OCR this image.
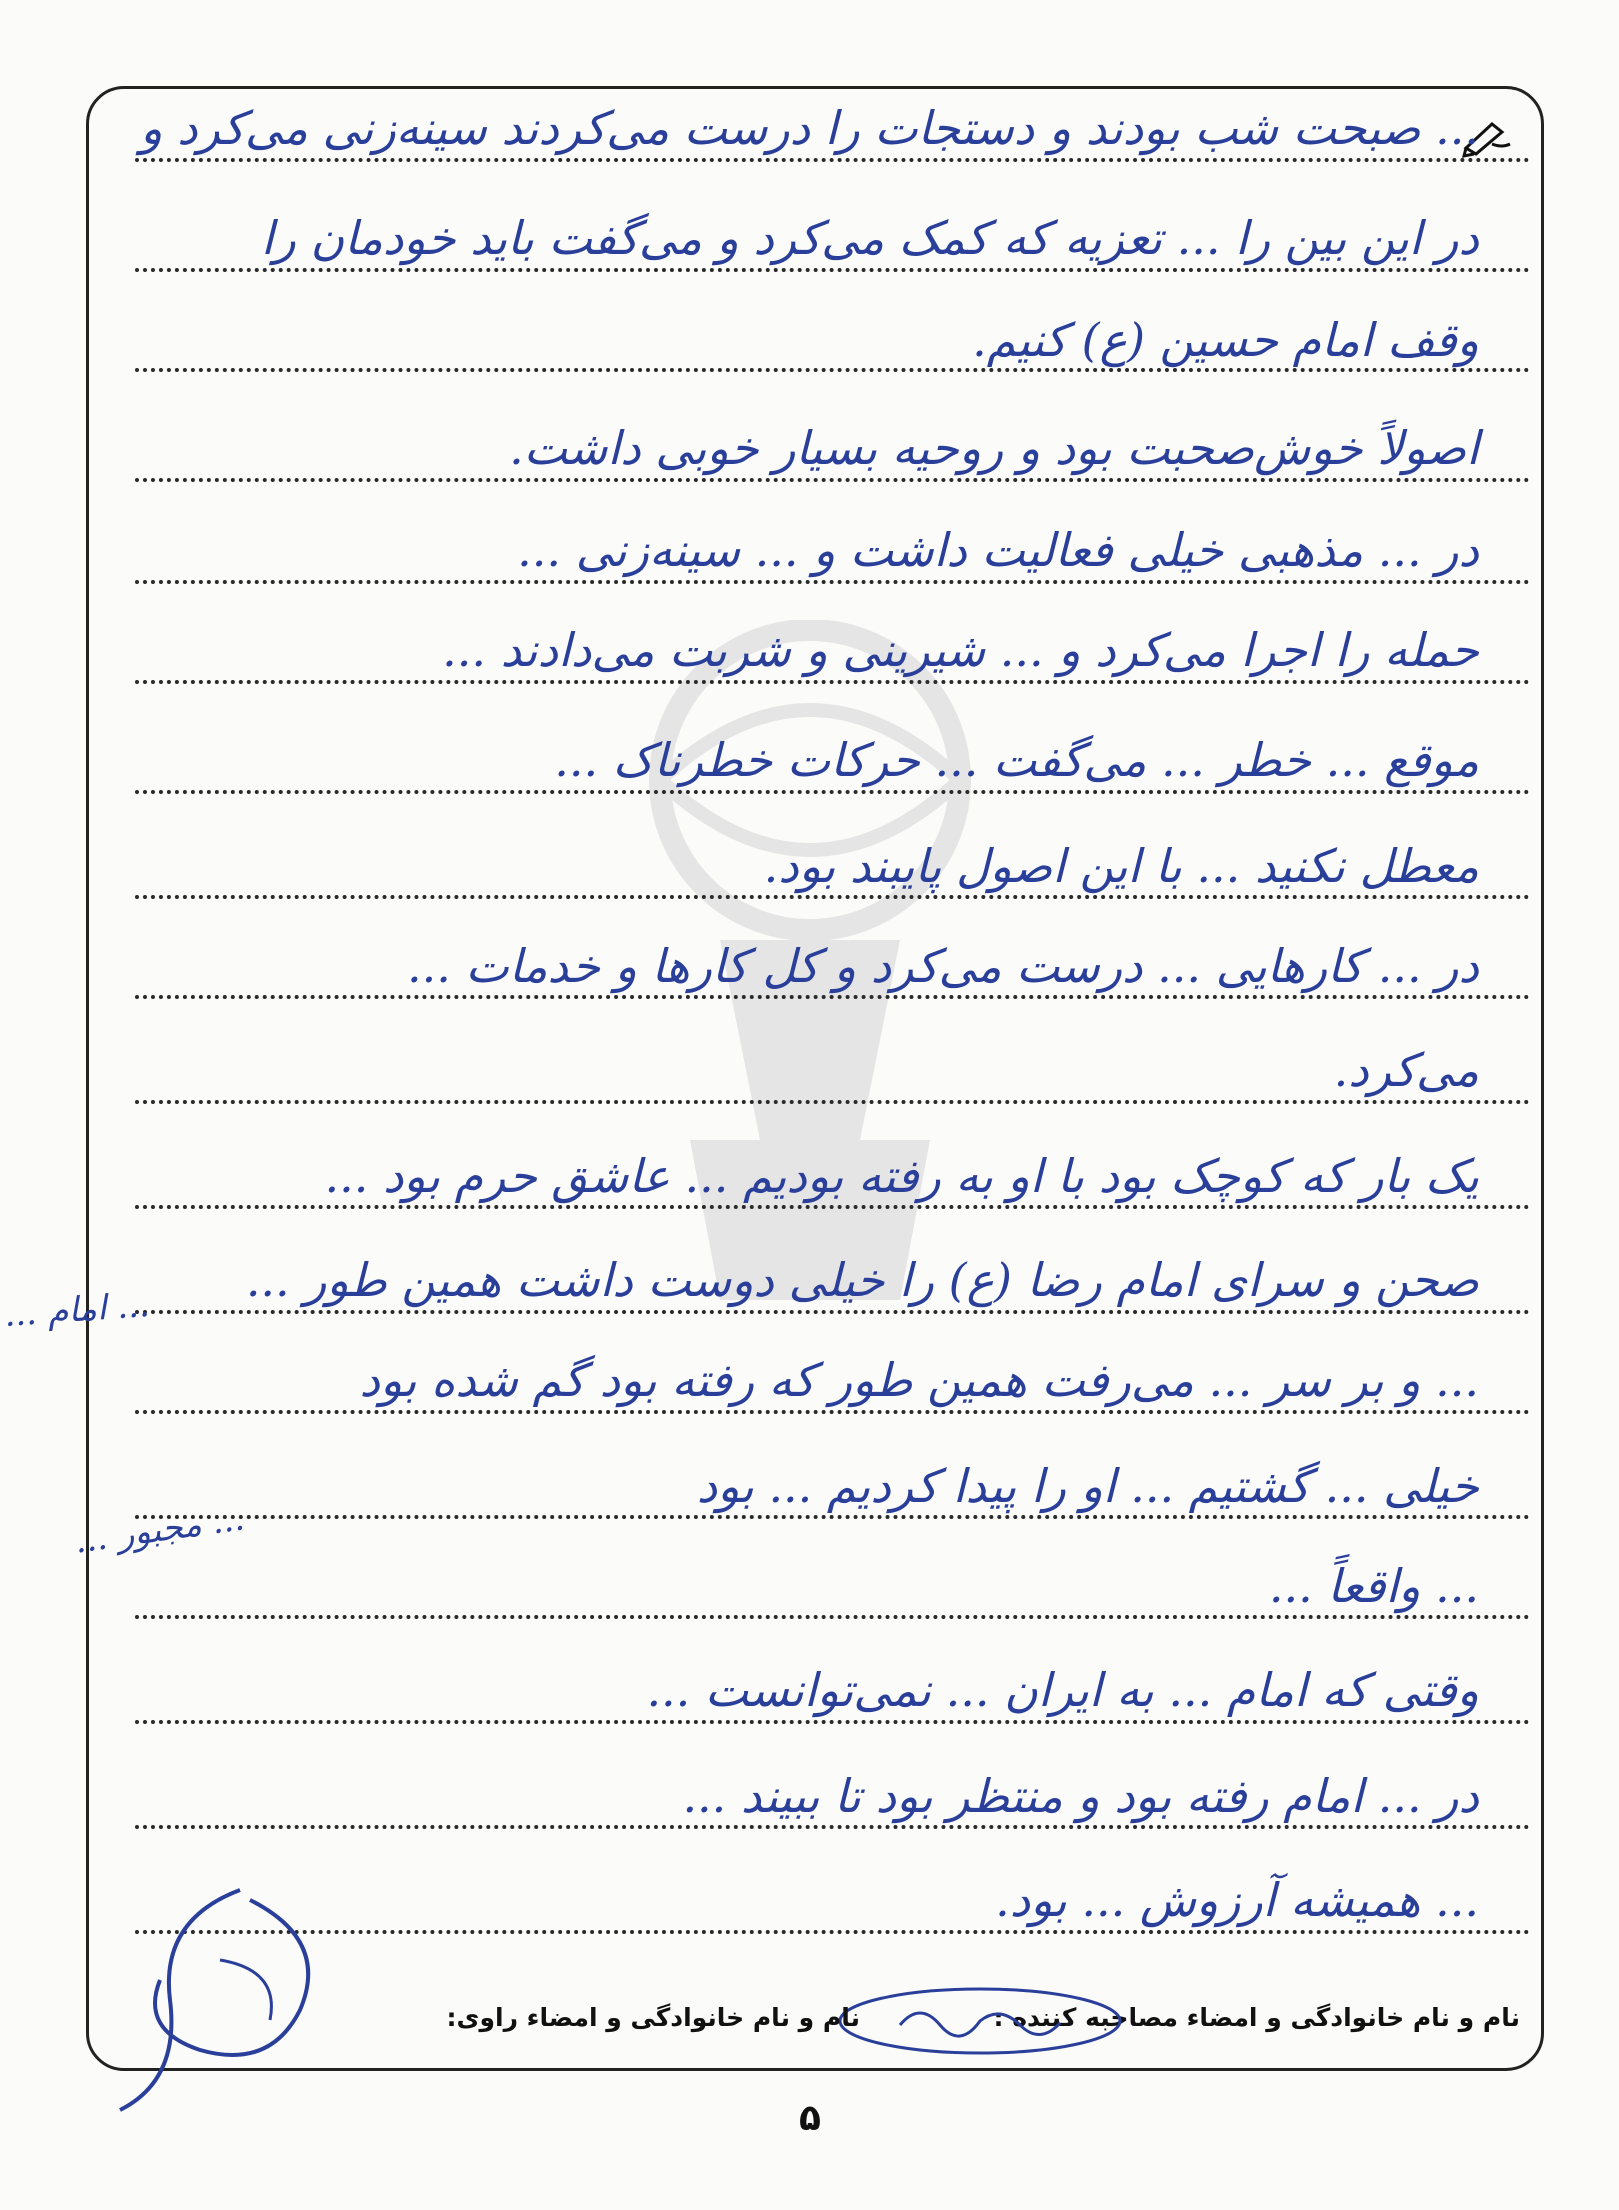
... صبحت شب بودند و دستجات را درست می‌کردند سینه‌زنی می‌کرد و
در این بین را ... تعزیه که کمک می‌کرد و می‌گفت باید خودمان را
وقف امام حسین (ع) کنیم.
اصولاً خوش‌صحبت بود و روحیه بسیار خوبی داشت.
در ... مذهبی خیلی فعالیت داشت و ... سینه‌زنی ...
حمله را اجرا می‌کرد و ... شیرینی و شربت می‌دادند ...
موقع ... خطر ... می‌گفت ... حرکات خطرناک ...
معطل نکنید ... با این اصول پایبند بود.
در ... کارهایی ... درست می‌کرد و کل کارها و خدمات ...
می‌کرد.
یک بار که کوچک بود با او به رفته بودیم ... عاشق حرم بود ...
صحن و سرای امام رضا (ع) را خیلی دوست داشت همین طور ...
... و بر سر ... می‌رفت همین طور که رفته بود گم شده بود
خیلی ... گشتیم ... او را پیدا کردیم ... بود
... واقعاً ...
وقتی که امام ... به ایران ... نمی‌توانست ...
در ... امام رفته بود و منتظر بود تا ببیند ...
... همیشه آرزوش ... بود.
... امام ...
... مجبور ...
نام و نام خانوادگی و امضاء مصاحبه کننده :
نام و نام خانوادگی و امضاء راوی:
۵
